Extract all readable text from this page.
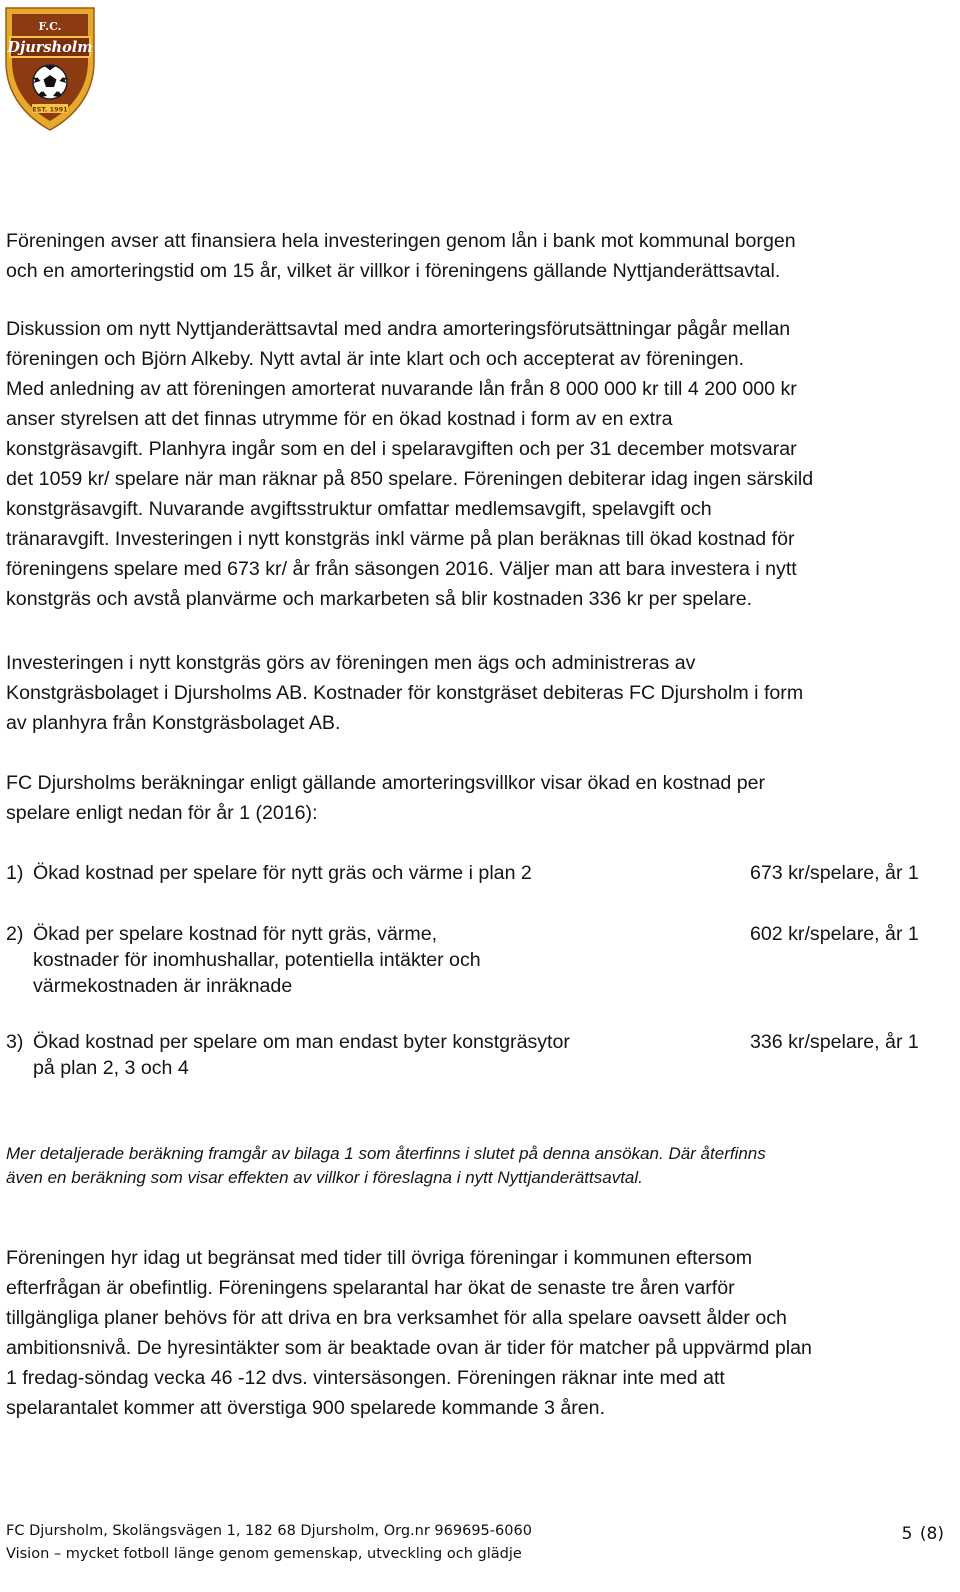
F.C.
Djursholm
EST. 1991

Föreningen avser att finansiera hela investeringen genom lån i bank mot kommunal borgen
och en amorteringstid om 15 år, vilket är villkor i föreningens gällande Nyttjanderättsavtal.

Diskussion om nytt Nyttjanderättsavtal med andra amorteringsförutsättningar pågår mellan
föreningen och Björn Alkeby. Nytt avtal är inte klart och och accepterat av föreningen.
Med anledning av att föreningen amorterat nuvarande lån från 8 000 000 kr till 4 200 000 kr
anser styrelsen att det finnas utrymme för en ökad kostnad i form av en extra
konstgräsavgift. Planhyra ingår som en del i spelaravgiften och per 31 december motsvarar
det 1059 kr/ spelare när man räknar på 850 spelare. Föreningen debiterar idag ingen särskild
konstgräsavgift. Nuvarande avgiftsstruktur omfattar medlemsavgift, spelavgift och
tränaravgift. Investeringen i nytt konstgräs inkl värme på plan beräknas till ökad kostnad för
föreningens spelare med 673 kr/ år från säsongen 2016. Väljer man att bara investera i nytt
konstgräs och avstå planvärme och markarbeten så blir kostnaden 336 kr per spelare.

Investeringen i nytt konstgräs görs av föreningen men ägs och administreras av
Konstgräsbolaget i Djursholms AB. Kostnader för konstgräset debiteras FC Djursholm i form
av planhyra från Konstgräsbolaget AB.

FC Djursholms beräkningar enligt gällande amorteringsvillkor visar ökad en kostnad per
spelare enligt nedan för år 1 (2016):

1) Ökad kostnad per spelare för nytt gräs och värme i plan 2	673 kr/spelare, år 1
2) Ökad per spelare kostnad för nytt gräs, värme,
kostnader för inomhushallar, potentiella intäkter och
värmekostnaden är inräknade
602 kr/spelare, år 1
3) Ökad kostnad per spelare om man endast byter konstgräsytor
på plan 2, 3 och 4
336 kr/spelare, år 1
Mer detaljerade beräkning framgår av bilaga 1 som återfinns i slutet på denna ansökan. Där återfinns
även en beräkning som visar effekten av villkor i föreslagna i nytt Nyttjanderättsavtal.

Föreningen hyr idag ut begränsat med tider till övriga föreningar i kommunen eftersom
efterfrågan är obefintlig. Föreningens spelarantal har ökat de senaste tre åren varför
tillgängliga planer behövs för att driva en bra verksamhet för alla spelare oavsett ålder och
ambitionsnivå. De hyresintäkter som är beaktade ovan är tider för matcher på uppvärmd plan
1 fredag-söndag vecka 46 -12 dvs. vintersäsongen. Föreningen räknar inte med att
spelarantalet kommer att överstiga 900 spelarede kommande 3 åren.

FC Djursholm, Skolängsvägen 1, 182 68 Djursholm, Org.nr 969695-6060
Vision – mycket fotboll länge genom gemenskap, utveckling och glädje
5 (8)
